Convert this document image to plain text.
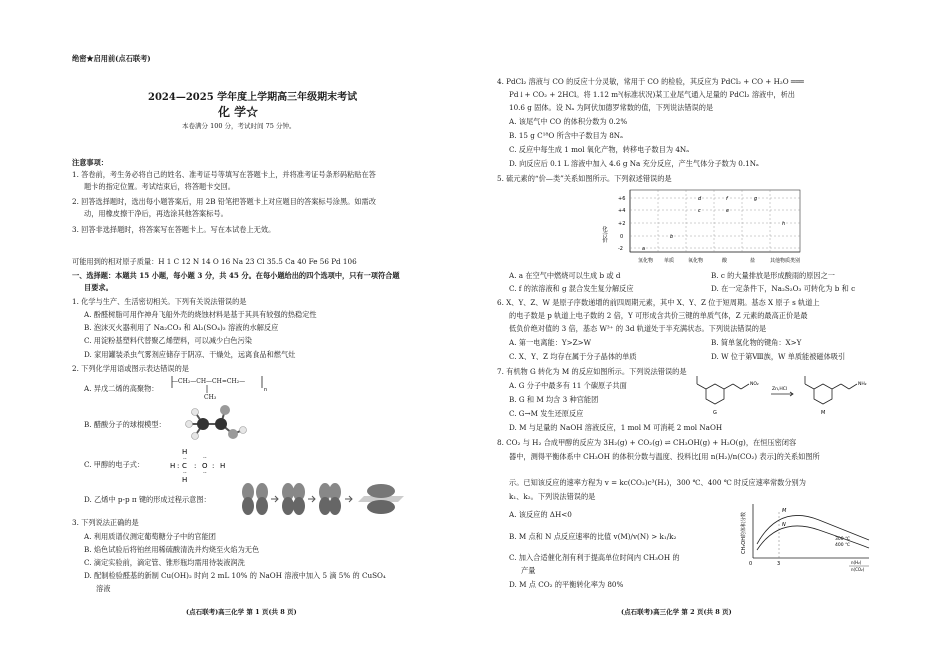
绝密★启用前(点石联考)
2024—2025 学年度上学期高三年级期末考试
化 学☆
本卷满分 100 分，考试时间 75 分钟。
注意事项：
1. 答卷前，考生务必将自己的姓名、准考证号等填写在答题卡上，并将准考证号条形码粘贴在答
题卡的指定位置。考试结束后，将答题卡交回。
2. 回答选择题时，选出每小题答案后，用 2B 铅笔把答题卡上对应题目的答案标号涂黑。如需改
动，用橡皮擦干净后，再选涂其他答案标号。
3. 回答非选择题时，将答案写在答题卡上。写在本试卷上无效。
可能用到的相对原子质量：H 1 C 12 N 14 O 16 Na 23 Cl 35.5 Ca 40 Fe 56 Pd 106
一、选择题：本题共 15 小题，每小题 3 分，共 45 分。在每小题给出的四个选项中，只有一项符合题
目要求。
1. 化学与生产、生活密切相关。下列有关说法错误的是
A. 酚醛树脂可用作神舟飞船外壳的烧蚀材料是基于其具有较强的热稳定性
B. 泡沫灭火器利用了 Na₂CO₃ 和 Al₂(SO₄)₃ 溶液的水解反应
C. 用淀粉基塑料代替聚乙烯塑料，可以减少白色污染
D. 家用罐装杀虫气雾剂应储存于阴凉、干燥处，远离食品和燃气灶
2. 下列化学用语或图示表达错误的是
A. 异戊二烯的高聚物：
—CH₂—CH—CH=CH₂—
CH₃
n
B. 醋酸分子的球棍模型：
C. 甲醇的电子式：
H
C
H
H	: O : H
:
··
··
··
··
D. 乙烯中 p-p π 键的形成过程示意图：
3. 下列说法正确的是
A. 利用质谱仪测定葡萄糖分子中的官能团
B. 焰色试验后将铂丝用稀硫酸清洗并灼烧至火焰为无色
C. 滴定实验前，滴定管、锥形瓶均需用待装液润洗
D. 配制检验醛基的新制 Cu(OH)₂ 时向 2 mL 10% 的 NaOH 溶液中加入 5 滴 5% 的 CuSO₄
溶液
(点石联考)高三化学 第 1 页(共 8 页)
4. PdCl₂ 溶液与 CO 的反应十分灵敏，常用于 CO 的检验，其反应为 PdCl₂ + CO + H₂O ═══
Pd↓+ CO₂ + 2HCl。将 1.12 m³(标准状况)某工业尾气通入足量的 PdCl₂ 溶液中，析出
10.6 g 固体。设 Nₐ 为阿伏加德罗常数的值，下列说法错误的是
A. 该尾气中 CO 的体积分数为 0.2%
B. 15 g C¹⁸O 所含中子数目为 8Nₐ
C. 反应中每生成 1 mol 氧化产物，转移电子数目为 4Nₐ
D. 向反应后 0.1 L 溶液中加入 4.6 g Na 充分反应，产生气体分子数为 0.1Nₐ
5. 硫元素的“价—类”关系如图所示。下列叙述错误的是
化合价
+6
+4
+2
0
-2
氢化物 单质	氧化物	酸	盐	其他物质类别
a
b
c
d
e
f	g
h
A. a 在空气中燃烧可以生成 b 或 d	B. c 的大量排放是形成酸雨的原因之一
C. f 的浓溶液和 g 混合发生复分解反应	D. 在一定条件下，Na₂S₂O₃ 可转化为 b 和 c
6. X、Y、Z、W 是原子序数递增的前四周期元素，其中 X、Y、Z 位于短周期。基态 X 原子 s 轨道上
的电子数是 p 轨道上电子数的 2 倍，Y 可形成含共价三键的单质气体，Z 元素的最高正价是最
低负价绝对值的 3 倍，基态 W³⁺ 的 3d 轨道处于半充满状态。下列说法错误的是
A. 第一电离能：Y>Z>W	B. 简单氢化物的键角：X>Y
C. X、Y、Z 均存在属于分子晶体的单质	D. W 位于第Ⅷ族，W 单质能被磁体吸引
7. 有机物 G 转化为 M 的反应如图所示。下列说法错误的是
A. G 分子中最多有 11 个碳原子共面
B. G 和 M 均含 3 种官能团
C. G→M 发生还原反应
D. M 与足量的 NaOH 溶液反应，1 mol M 可消耗 2 mol NaOH
NO₂
G
Zn,HCl
NH₂
M
8. CO₂ 与 H₂ 合成甲醇的反应为 3H₂(g) + CO₂(g) ⇌ CH₃OH(g) + H₂O(g)，在恒压密闭容
器中，测得平衡体系中 CH₃OH 的体积分数与温度、投料比[用 n(H₂)/n(CO₂) 表示]的关系如图所
示。已知该反应的速率方程为 v = kc(CO₂)c³(H₂)，300 ℃、400 ℃ 时反应速率常数分别为
k₁、k₂。下列说法错误的是
A. 该反应的 ΔH<0
B. M 点和 N 点反应速率的比值 v(M)/v(N) > k₁/k₂
C. 加入合适催化剂有利于提高单位时间内 CH₃OH 的
产量
D. M 点 CO₂ 的平衡转化率为 80%
CH₃OH的体积分数
M
N
300 ℃
400 ℃
0	3	n(H₂)
n(CO₂)
(点石联考)高三化学 第 2 页(共 8 页)
